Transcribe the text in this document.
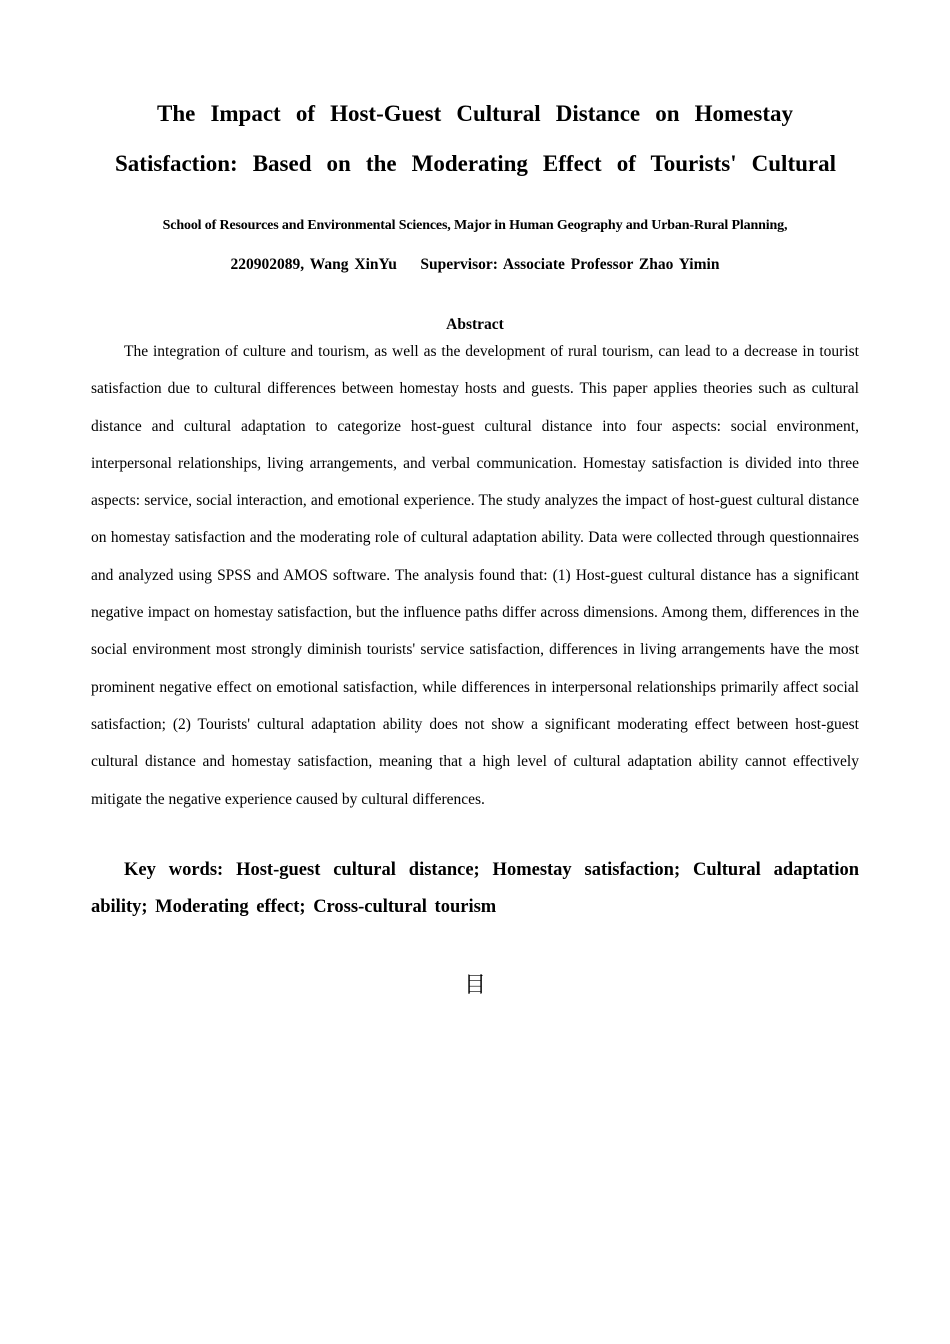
The Impact of Host-Guest Cultural Distance on Homestay
Satisfaction: Based on the Moderating Effect of Tourists' Cultural
School of Resources and Environmental Sciences, Major in Human Geography and Urban-Rural Planning,
220902089, Wang XinYu    Supervisor: Associate Professor Zhao Yimin
Abstract

The integration of culture and tourism, as well as the development of rural tourism, can lead to a decrease in tourist satisfaction due to cultural differences between homestay hosts and guests. This paper applies theories such as cultural distance and cultural adaptation to categorize host-guest cultural distance into four aspects: social environment, interpersonal relationships, living arrangements, and verbal communication. Homestay satisfaction is divided into three aspects: service, social interaction, and emotional experience. The study analyzes the impact of host-guest cultural distance on homestay satisfaction and the moderating role of cultural adaptation ability. Data were collected through questionnaires and analyzed using SPSS and AMOS software. The analysis found that: (1) Host-guest cultural distance has a significant negative impact on homestay satisfaction, but the influence paths differ across dimensions. Among them, differences in the social environment most strongly diminish tourists' service satisfaction, differences in living arrangements have the most prominent negative effect on emotional satisfaction, while differences in interpersonal relationships primarily affect social satisfaction; (2) Tourists' cultural adaptation ability does not show a significant moderating effect between host-guest cultural distance and homestay satisfaction, meaning that a high level of cultural adaptation ability cannot effectively mitigate the negative experience caused by cultural differences.

Key words: Host-guest cultural distance; Homestay satisfaction; Cultural adaptation ability; Moderating effect; Cross-cultural tourism

目
